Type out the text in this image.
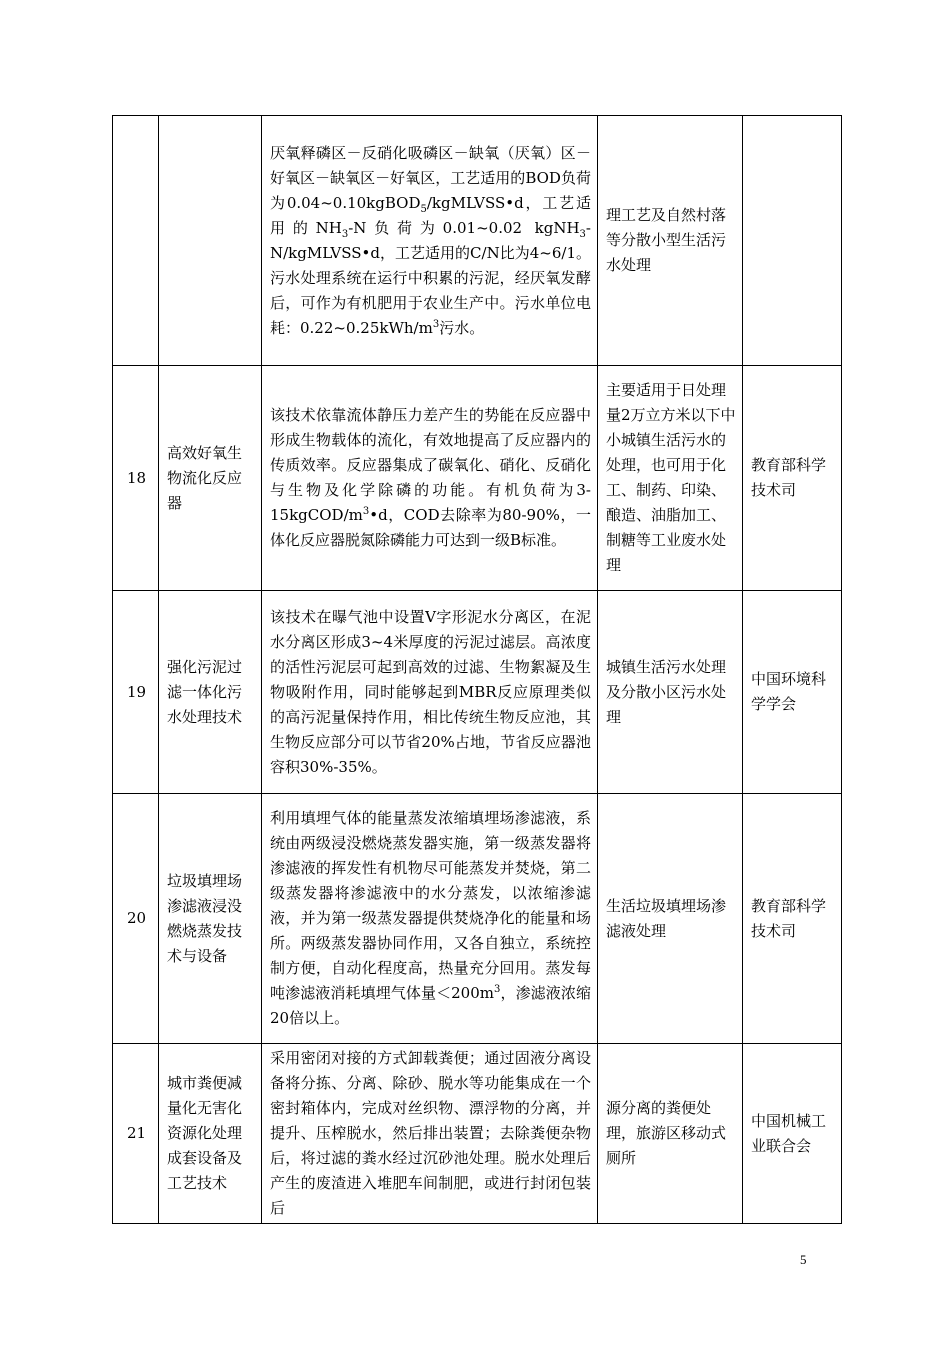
		厌氧释磷区－反硝化吸磷区－缺氧（厌氧）区－好氧区－缺氧区－好氧区，工艺适用的BOD负荷为0.04~0.10kgBOD$_5$/kgMLVSS•d，工艺适用的$NH_3-N$负荷为0.01~0.02 kgNH$_3$-N/kgMLVSS•d，工艺适用的C/N比为4~6/1。污水处理系统在运行中积累的污泥，经厌氧发酵后，可作为有机肥用于农业生产中。污水单位电耗：$0.22\sim 0.25kWh/m^3$污水。	理工艺及自然村落等分散小型生活污水处理	
18	高效好氧生物流化反应器	该技术依靠流体静压力差产生的势能在反应器中形成生物载体的流化，有效地提高了反应器内的传质效率。反应器集成了碳氧化、硝化、反硝化与生物及化学除磷的功能。有机负荷为$3-15kgCOD/m^3•d$，COD去除率为80-90%，一体化反应器脱氮除磷能力可达到一级B标准。	主要适用于日处理量2万立方米以下中小城镇生活污水的处理，也可用于化工、制药、印染、酿造、油脂加工、制糖等工业废水处理	教育部科学技术司
19	强化污泥过滤一体化污水处理技术	该技术在曝气池中设置V字形泥水分离区，在泥水分离区形成3~4米厚度的污泥过滤层。高浓度的活性污泥层可起到高效的过滤、生物絮凝及生物吸附作用，同时能够起到MBR反应原理类似的高污泥量保持作用，相比传统生物反应池，其生物反应部分可以节省20%占地，节省反应器池容积30%-35%。	城镇生活污水处理及分散小区污水处理	中国环境科学学会
20	垃圾填埋场渗滤液浸没燃烧蒸发技术与设备	利用填埋气体的能量蒸发浓缩填埋场渗滤液，系统由两级浸没燃烧蒸发器实施，第一级蒸发器将渗滤液的挥发性有机物尽可能蒸发并焚烧，第二级蒸发器将渗滤液中的水分蒸发，以浓缩渗滤液，并为第一级蒸发器提供焚烧净化的能量和场所。两级蒸发器协同作用，又各自独立，系统控制方便，自动化程度高，热量充分回用。蒸发每吨渗滤液消耗填埋气体量$<200m^3$，渗滤液浓缩20倍以上。	生活垃圾填埋场渗滤液处理	教育部科学技术司
21	城市粪便减量化无害化资源化处理成套设备及工艺技术	采用密闭对接的方式卸载粪便；通过固液分离设备将分拣、分离、除砂、脱水等功能集成在一个密封箱体内，完成对丝织物、漂浮物的分离，并提升、压榨脱水，然后排出装置；去除粪便杂物后，将过滤的粪水经过沉砂池处理。脱水处理后产生的废渣进入堆肥车间制肥，或进行封闭包装后	源分离的粪便处理，旅游区移动式厕所	中国机械工业联合会
5
